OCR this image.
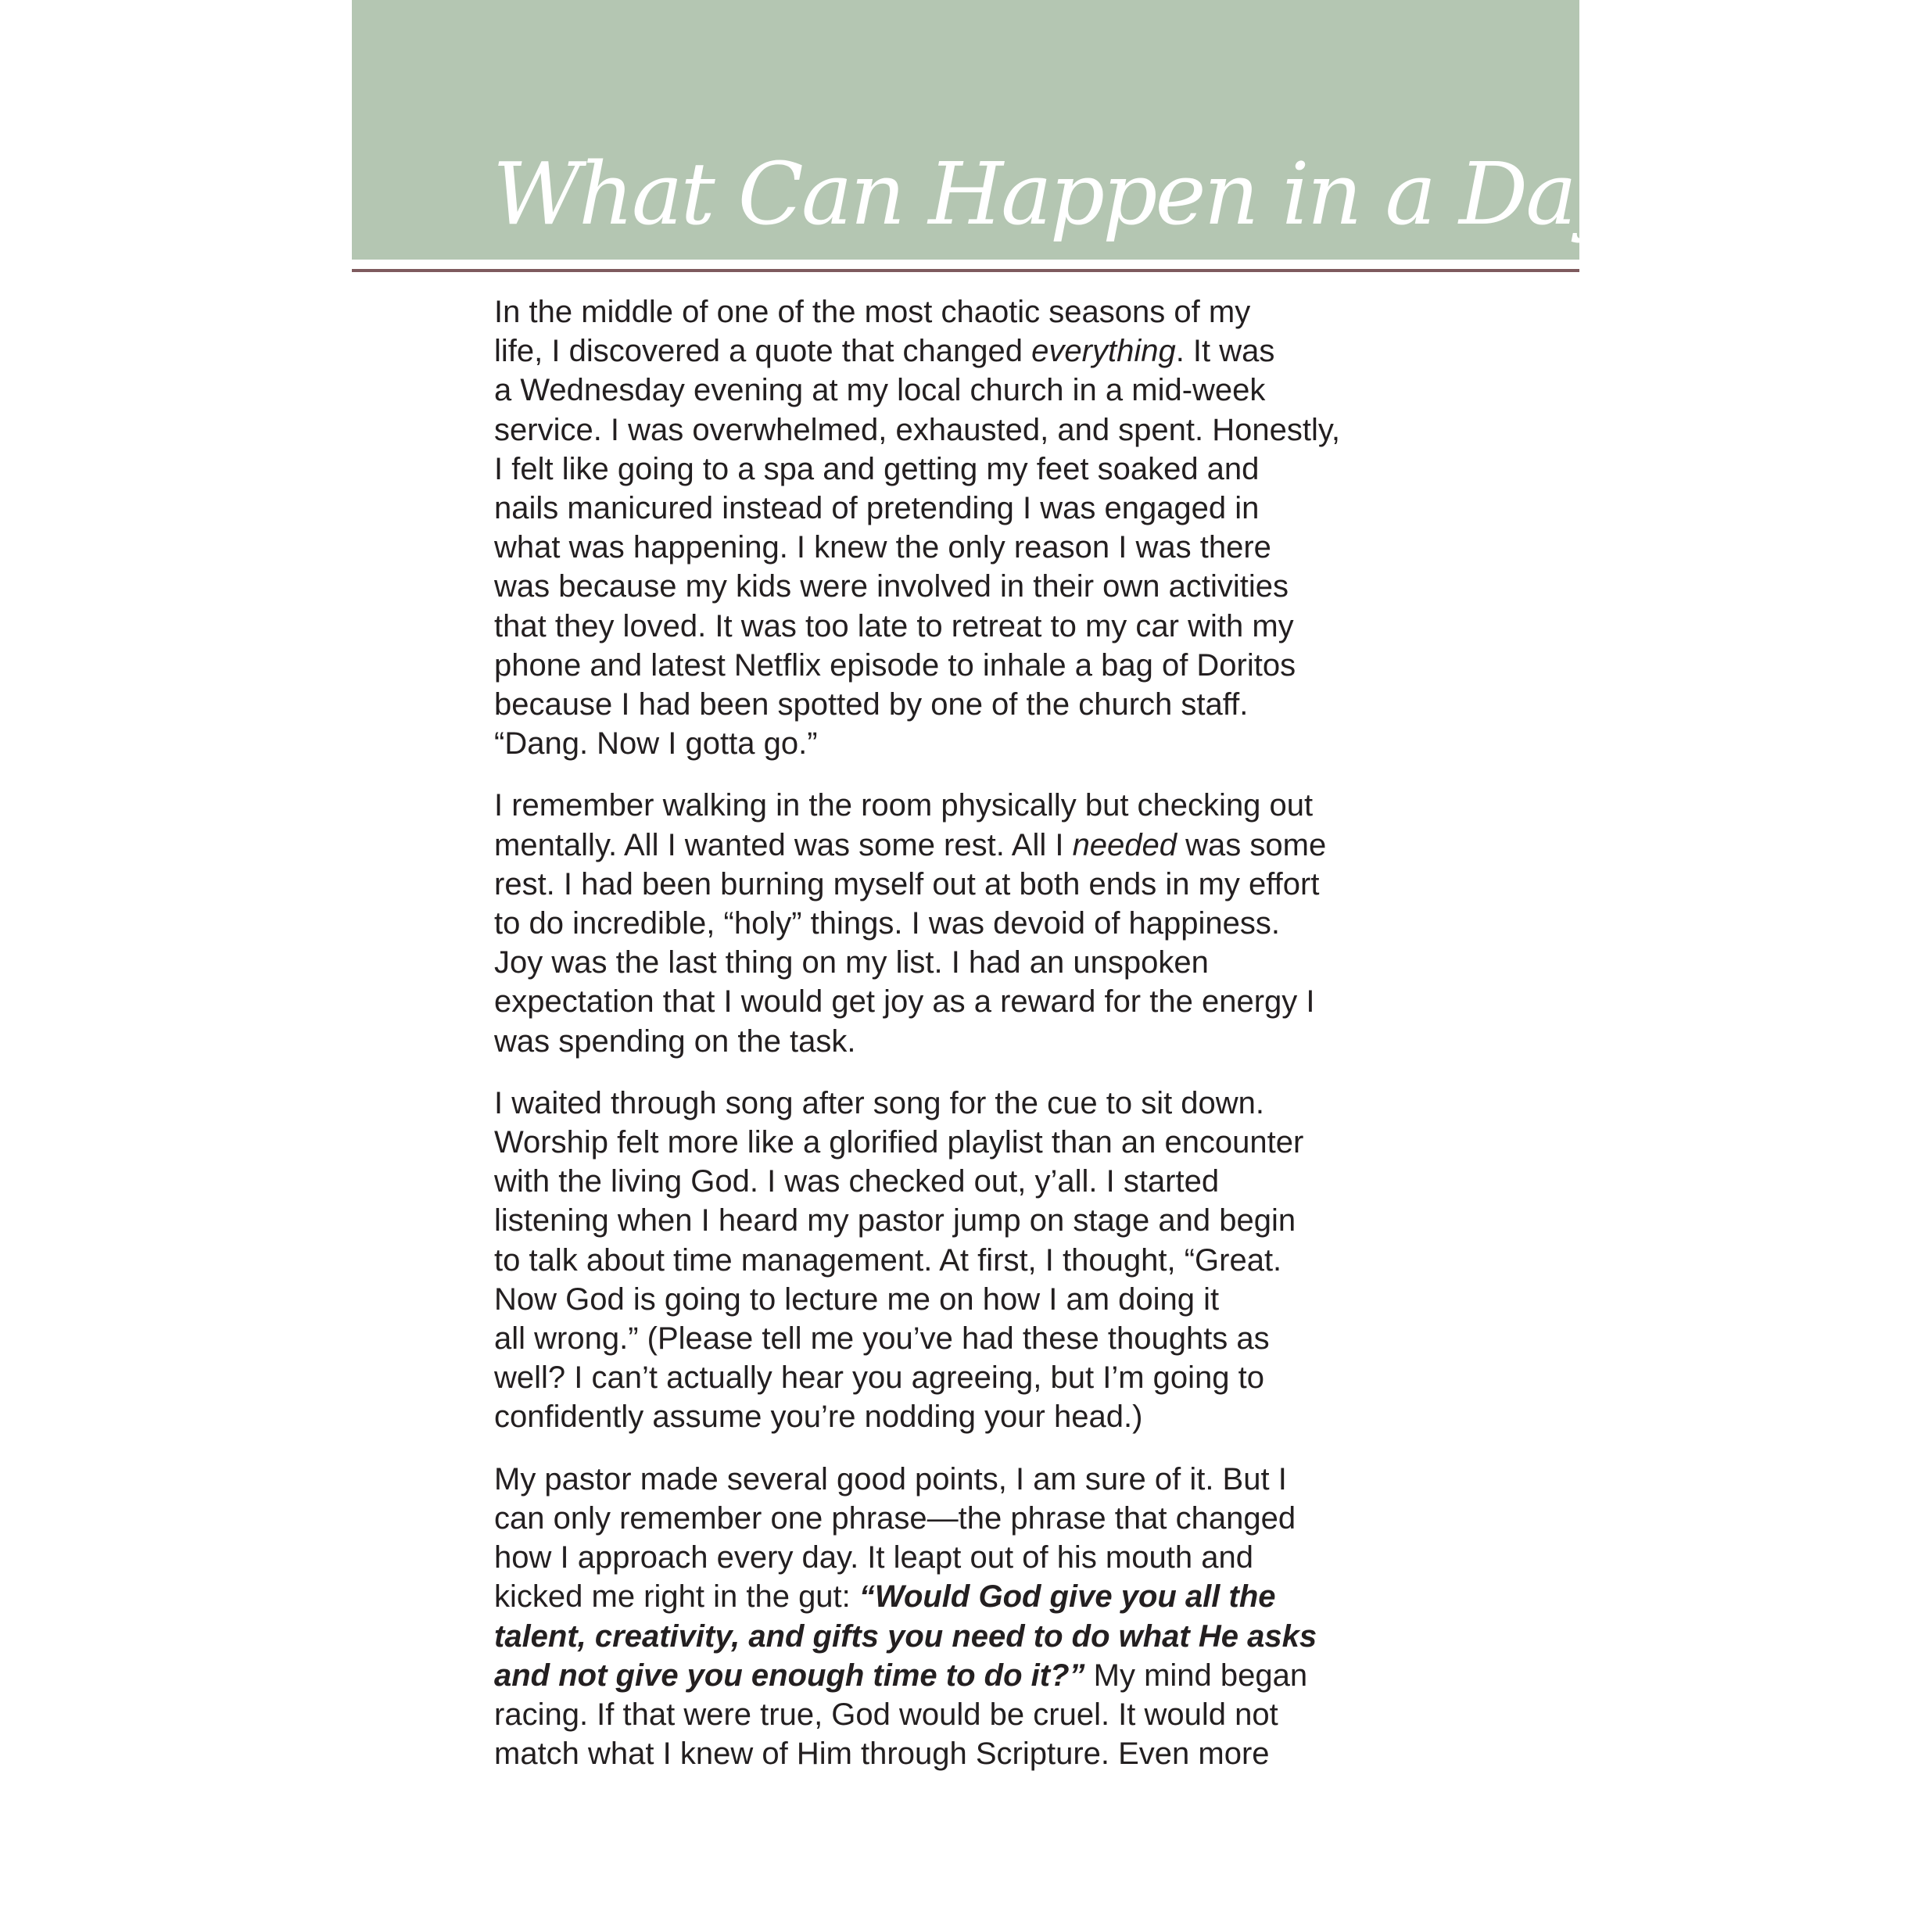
What Can Happen in a Day

In the middle of one of the most chaotic seasons of my
life, I discovered a quote that changed everything. It was
a Wednesday evening at my local church in a mid-week
service. I was overwhelmed, exhausted, and spent. Honestly,
I felt like going to a spa and getting my feet soaked and
nails manicured instead of pretending I was engaged in
what was happening. I knew the only reason I was there
was because my kids were involved in their own activities
that they loved. It was too late to retreat to my car with my
phone and latest Netflix episode to inhale a bag of Doritos
because I had been spotted by one of the church staff.
“Dang. Now I gotta go.”

I remember walking in the room physically but checking out
mentally. All I wanted was some rest. All I needed was some
rest. I had been burning myself out at both ends in my effort
to do incredible, “holy” things. I was devoid of happiness.
Joy was the last thing on my list. I had an unspoken
expectation that I would get joy as a reward for the energy I
was spending on the task.

I waited through song after song for the cue to sit down.
Worship felt more like a glorified playlist than an encounter
with the living God. I was checked out, y’all. I started
listening when I heard my pastor jump on stage and begin
to talk about time management. At first, I thought, “Great.
Now God is going to lecture me on how I am doing it
all wrong.” (Please tell me you’ve had these thoughts as
well? I can’t actually hear you agreeing, but I’m going to
confidently assume you’re nodding your head.)

My pastor made several good points, I am sure of it. But I
can only remember one phrase—the phrase that changed
how I approach every day. It leapt out of his mouth and
kicked me right in the gut: “Would God give you all the
talent, creativity, and gifts you need to do what He asks
and not give you enough time to do it?” My mind began
racing. If that were true, God would be cruel. It would not
match what I knew of Him through Scripture. Even more
